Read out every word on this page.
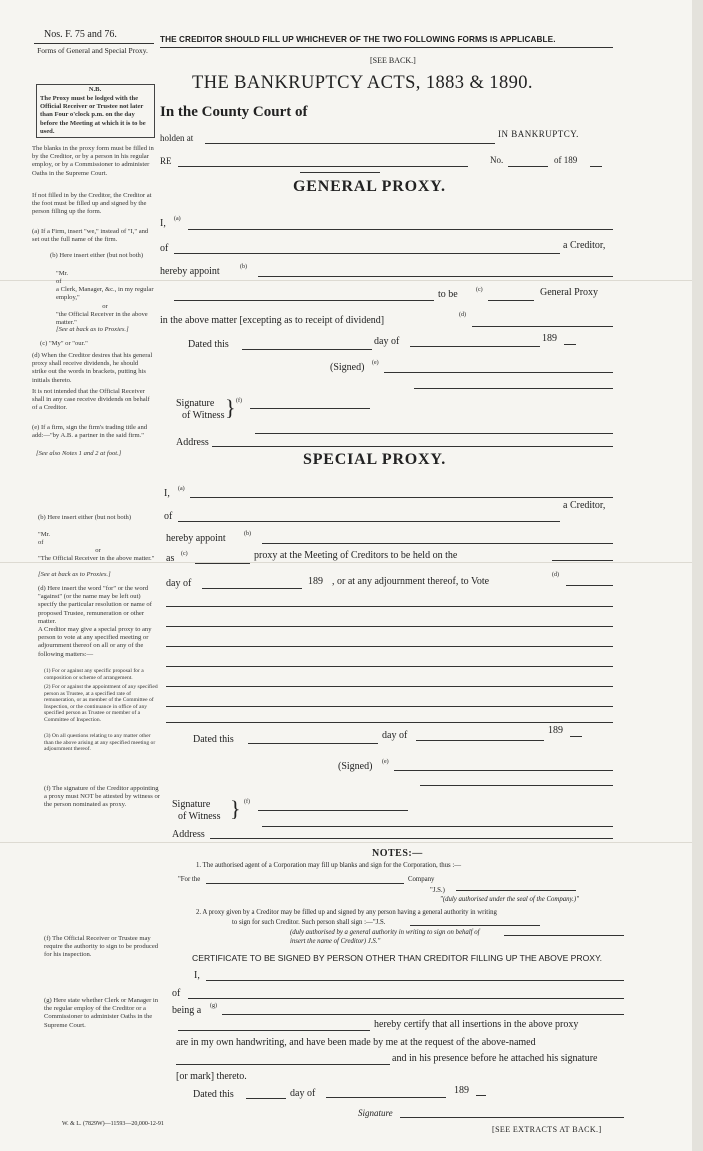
Nos. F. 75 and 76.
Forms of General and Special Proxy.
THE CREDITOR SHOULD FILL UP WHICHEVER OF THE TWO FOLLOWING FORMS IS APPLICABLE.
[SEE BACK.]
THE BANKRUPTCY ACTS, 1883 & 1890.
In the County Court of
holden at	IN BANKRUPTCY.
RE	No.	of 189
GENERAL PROXY.
I, (a)
of	a Creditor,
hereby appoint	(b)
to be	(c)	General Proxy
in the above matter [excepting as to receipt of dividend]	(d)
Dated this	day of	189
(Signed) (e)
Signature
of Witness } (f)
Address
SPECIAL PROXY.
I, (a)
of
a Creditor,
hereby appoint	(b)
as (c)	proxy at the Meeting of Creditors to be held on the
day of	189 , or at any adjournment thereof, to Vote
(d)
Dated this	day of	189
(Signed) (e)
Signature
of Witness } (f)
Address
NOTES:—
1. The authorised agent of a Corporation may fill up blanks and sign for the Corporation, thus :—
"For the	Company
"J.S.)
"(duly authorised under the seal of the Company.)"
2. A proxy given by a Creditor may be filled up and signed by any person having a general authority in writing
to sign for such Creditor. Such person shall sign :—"J.S.
(duly authorised by a general authority in writing to sign on behalf of
insert the name of Creditor) J.S."
CERTIFICATE TO BE SIGNED BY PERSON OTHER THAN CREDITOR FILLING UP THE ABOVE PROXY.
I,
of
being a (g)
hereby certify that all insertions in the above proxy
are in my own handwriting, and have been made by me at the request of the above-named
and in his presence before he attached his signature
[or mark] thereto.
Dated this	day of	189
Signature
W. & L. (7829W)—11593—20,000-12-91
[SEE EXTRACTS AT BACK.]
N.B.
The Proxy must be lodged with the Official Receiver or Trustee not later than Four o'clock p.m. on the day before the Meeting at which it is to be used.
The blanks in the proxy form must be filled in by the Creditor, or by a person in his regular employ, or by a Commissioner to administer Oaths in the Supreme Court.
If not filled in by the Creditor, the Creditor at the foot must be filled up and signed by the person filling up the form.
(a) If a Firm, insert "we," instead of "I," and set out the full name of the firm.
(b) Here insert either (but not both)
"Mr.
of
a Clerk, Manager, &c., in my regular employ,"
or
"the Official Receiver in the above matter."
[See at back as to Proxies.]
(c) "My" or "our."
(d) When the Creditor desires that his general proxy shall receive dividends, he should strike out the words in brackets, putting his initials thereto.
It is not intended that the Official Receiver shall in any case receive dividends on behalf of a Creditor.
(e) If a firm, sign the firm's trading title and add:—"by A.B. a partner in the said firm."
[See also Notes 1 and 2 at foot.]
(b) Here insert either (but not both)
"Mr.
of
or
"The Official Receiver in the above matter."
[See at back as to Proxies.]
(d) Here insert the word "for" or the word "against" (or the name may be left out) specify the particular resolution or name of proposed Trustee, remuneration or other matter.
A Creditor may give a special proxy to any person to vote at any specified meeting or adjournment thereof on all or any of the following matters:—
(1) For or against any specific proposal for a composition or scheme of arrangement.
(2) For or against the appointment of any specified person as Trustee, at a specified rate of remuneration, or as member of the Committee of Inspection, or the continuance in office of any specified person as Trustee or member of a Committee of Inspection.
(3) On all questions relating to any matter other than the above arising at any specified meeting or adjournment thereof.
(f) The signature of the Creditor appointing a proxy must NOT be attested by witness or the person nominated as proxy.
(f) The Official Receiver or Trustee may require the authority to sign to be produced for his inspection.
(g) Here state whether Clerk or Manager in the regular employ of the Creditor or a Commissioner to administer Oaths in the Supreme Court.
